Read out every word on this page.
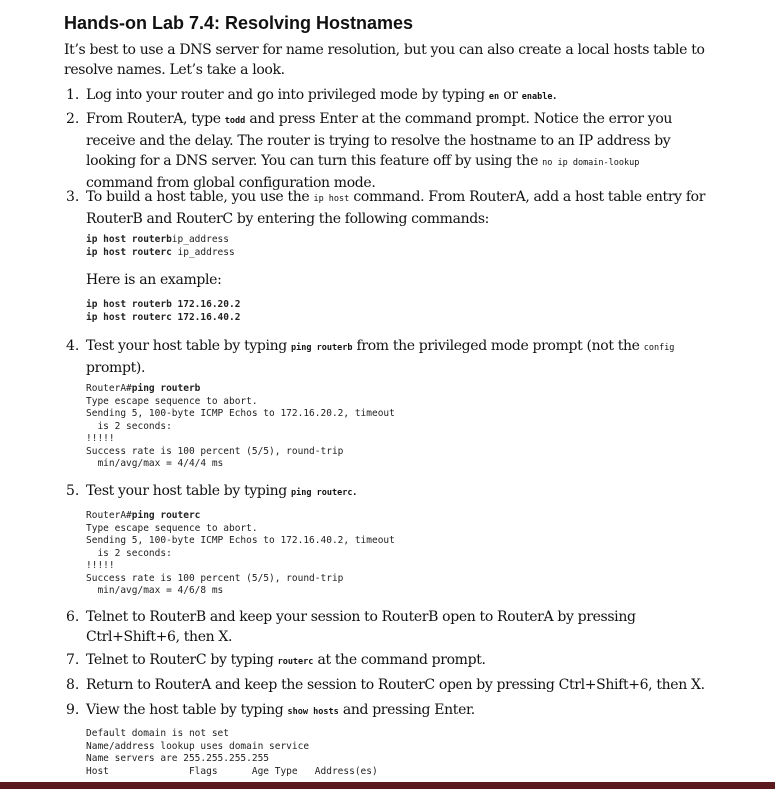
Hands-on Lab 7.4: Resolving Hostnames

It’s best to use a DNS server for name resolution, but you can also create a local hosts table to
resolve names. Let’s take a look.

1. Log into your router and go into privileged mode by typing en or enable.

2. From RouterA, type todd and press Enter at the command prompt. Notice the error you
receive and the delay. The router is trying to resolve the hostname to an IP address by
looking for a DNS server. You can turn this feature off by using the no ip domain-lookup
command from global configuration mode.

3. To build a host table, you use the ip host command. From RouterA, add a host table entry for
RouterB and RouterC by entering the following commands:

ip host routerbip_address
ip host routerc ip_address
Here is an example:
ip host routerb 172.16.20.2
ip host routerc 172.16.40.2
4. Test your host table by typing ping routerb from the privileged mode prompt (not the config
prompt).

RouterA#ping routerb
Type escape sequence to abort.
Sending 5, 100-byte ICMP Echos to 172.16.20.2, timeout
is 2 seconds:
!!!!!
Success rate is 100 percent (5/5), round-trip
min/avg/max = 4/4/4 ms
5. Test your host table by typing ping routerc.

RouterA#ping routerc
Type escape sequence to abort.
Sending 5, 100-byte ICMP Echos to 172.16.40.2, timeout
is 2 seconds:
!!!!!
Success rate is 100 percent (5/5), round-trip
min/avg/max = 4/6/8 ms
6. Telnet to RouterB and keep your session to RouterB open to RouterA by pressing
Ctrl+Shift+6, then X.

7. Telnet to RouterC by typing routerc at the command prompt.

8. Return to RouterA and keep the session to RouterC open by pressing Ctrl+Shift+6, then X.

9. View the host table by typing show hosts and pressing Enter.

Default domain is not set
Name/address lookup uses domain service
Name servers are 255.255.255.255
Host              Flags      Age Type   Address(es)
